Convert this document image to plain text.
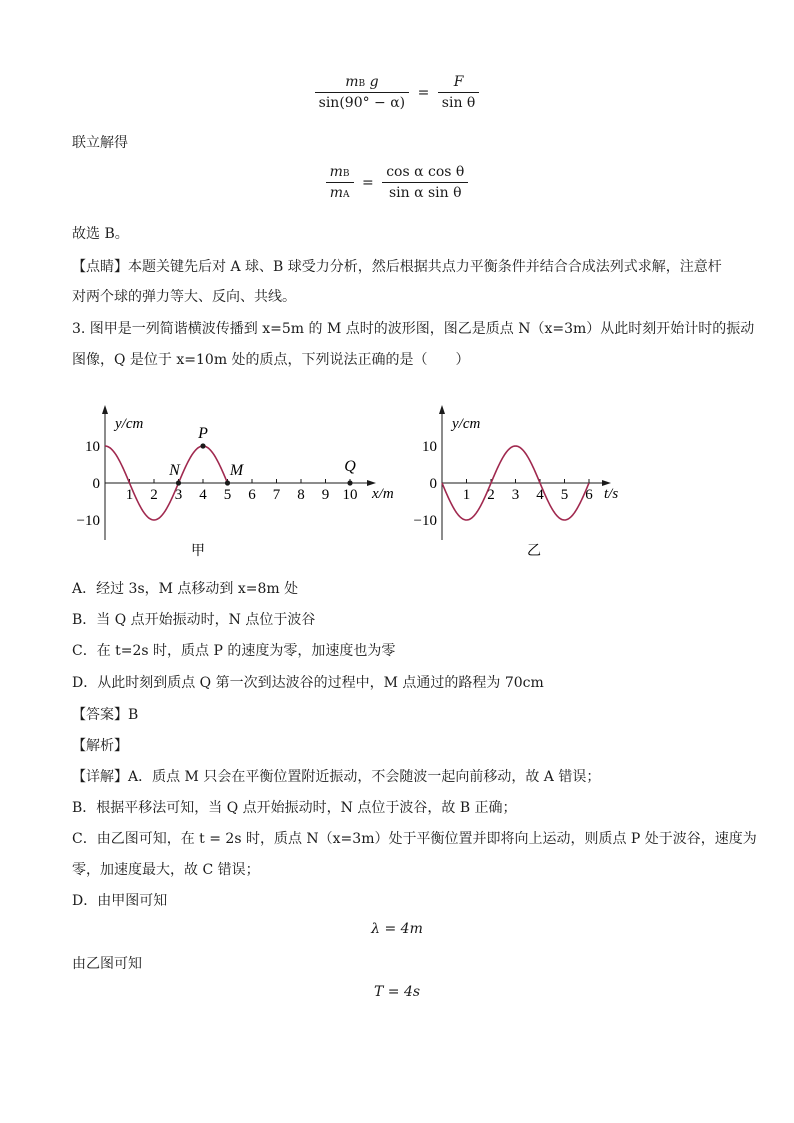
$\frac{\text{mB g}}{\sin(90^\circ - \alpha)} = \frac{F}{\text{sin θ}}$
联立解得
$\frac{mB}{mA} = \frac{\text{cos α cos θ}}{\text{sin α sin θ}}$
故选 B。
【点睛】本题关键先后对 A 球、B 球受力分析，然后根据共点力平衡条件并结合合成法列式求解，注意杆
对两个球的弹力等大、反向、共线。
3. 图甲是一列简谐横波传播到 x=5m 的 M 点时的波形图，图乙是质点 N（x=3m）从此时刻开始计时的振动
图像，Q 是位于 x=10m 处的质点，下列说法正确的是（　　）
y/cm
x/m
10
0
−10
1 2 3 4 5 6 7 8 9 10
P
N	M	Q
甲
y/cm
t/s
10
0
−10
1 2 3 4 5 6
乙
A．经过 3s，M 点移动到 x=8m 处
B．当 Q 点开始振动时，N 点位于波谷
C．在 t=2s 时，质点 P 的速度为零，加速度也为零
D．从此时刻到质点 Q 第一次到达波谷的过程中，M 点通过的路程为 70cm
【答案】B
【解析】
【详解】A．质点 M 只会在平衡位置附近振动，不会随波一起向前移动，故 A 错误；
B．根据平移法可知，当 Q 点开始振动时，N 点位于波谷，故 B 正确；
C．由乙图可知，在 t = 2s 时，质点 N（x=3m）处于平衡位置并即将向上运动，则质点 P 处于波谷，速度为
零，加速度最大，故 C 错误；
D．由甲图可知
λ = 4m
由乙图可知
T = 4s
